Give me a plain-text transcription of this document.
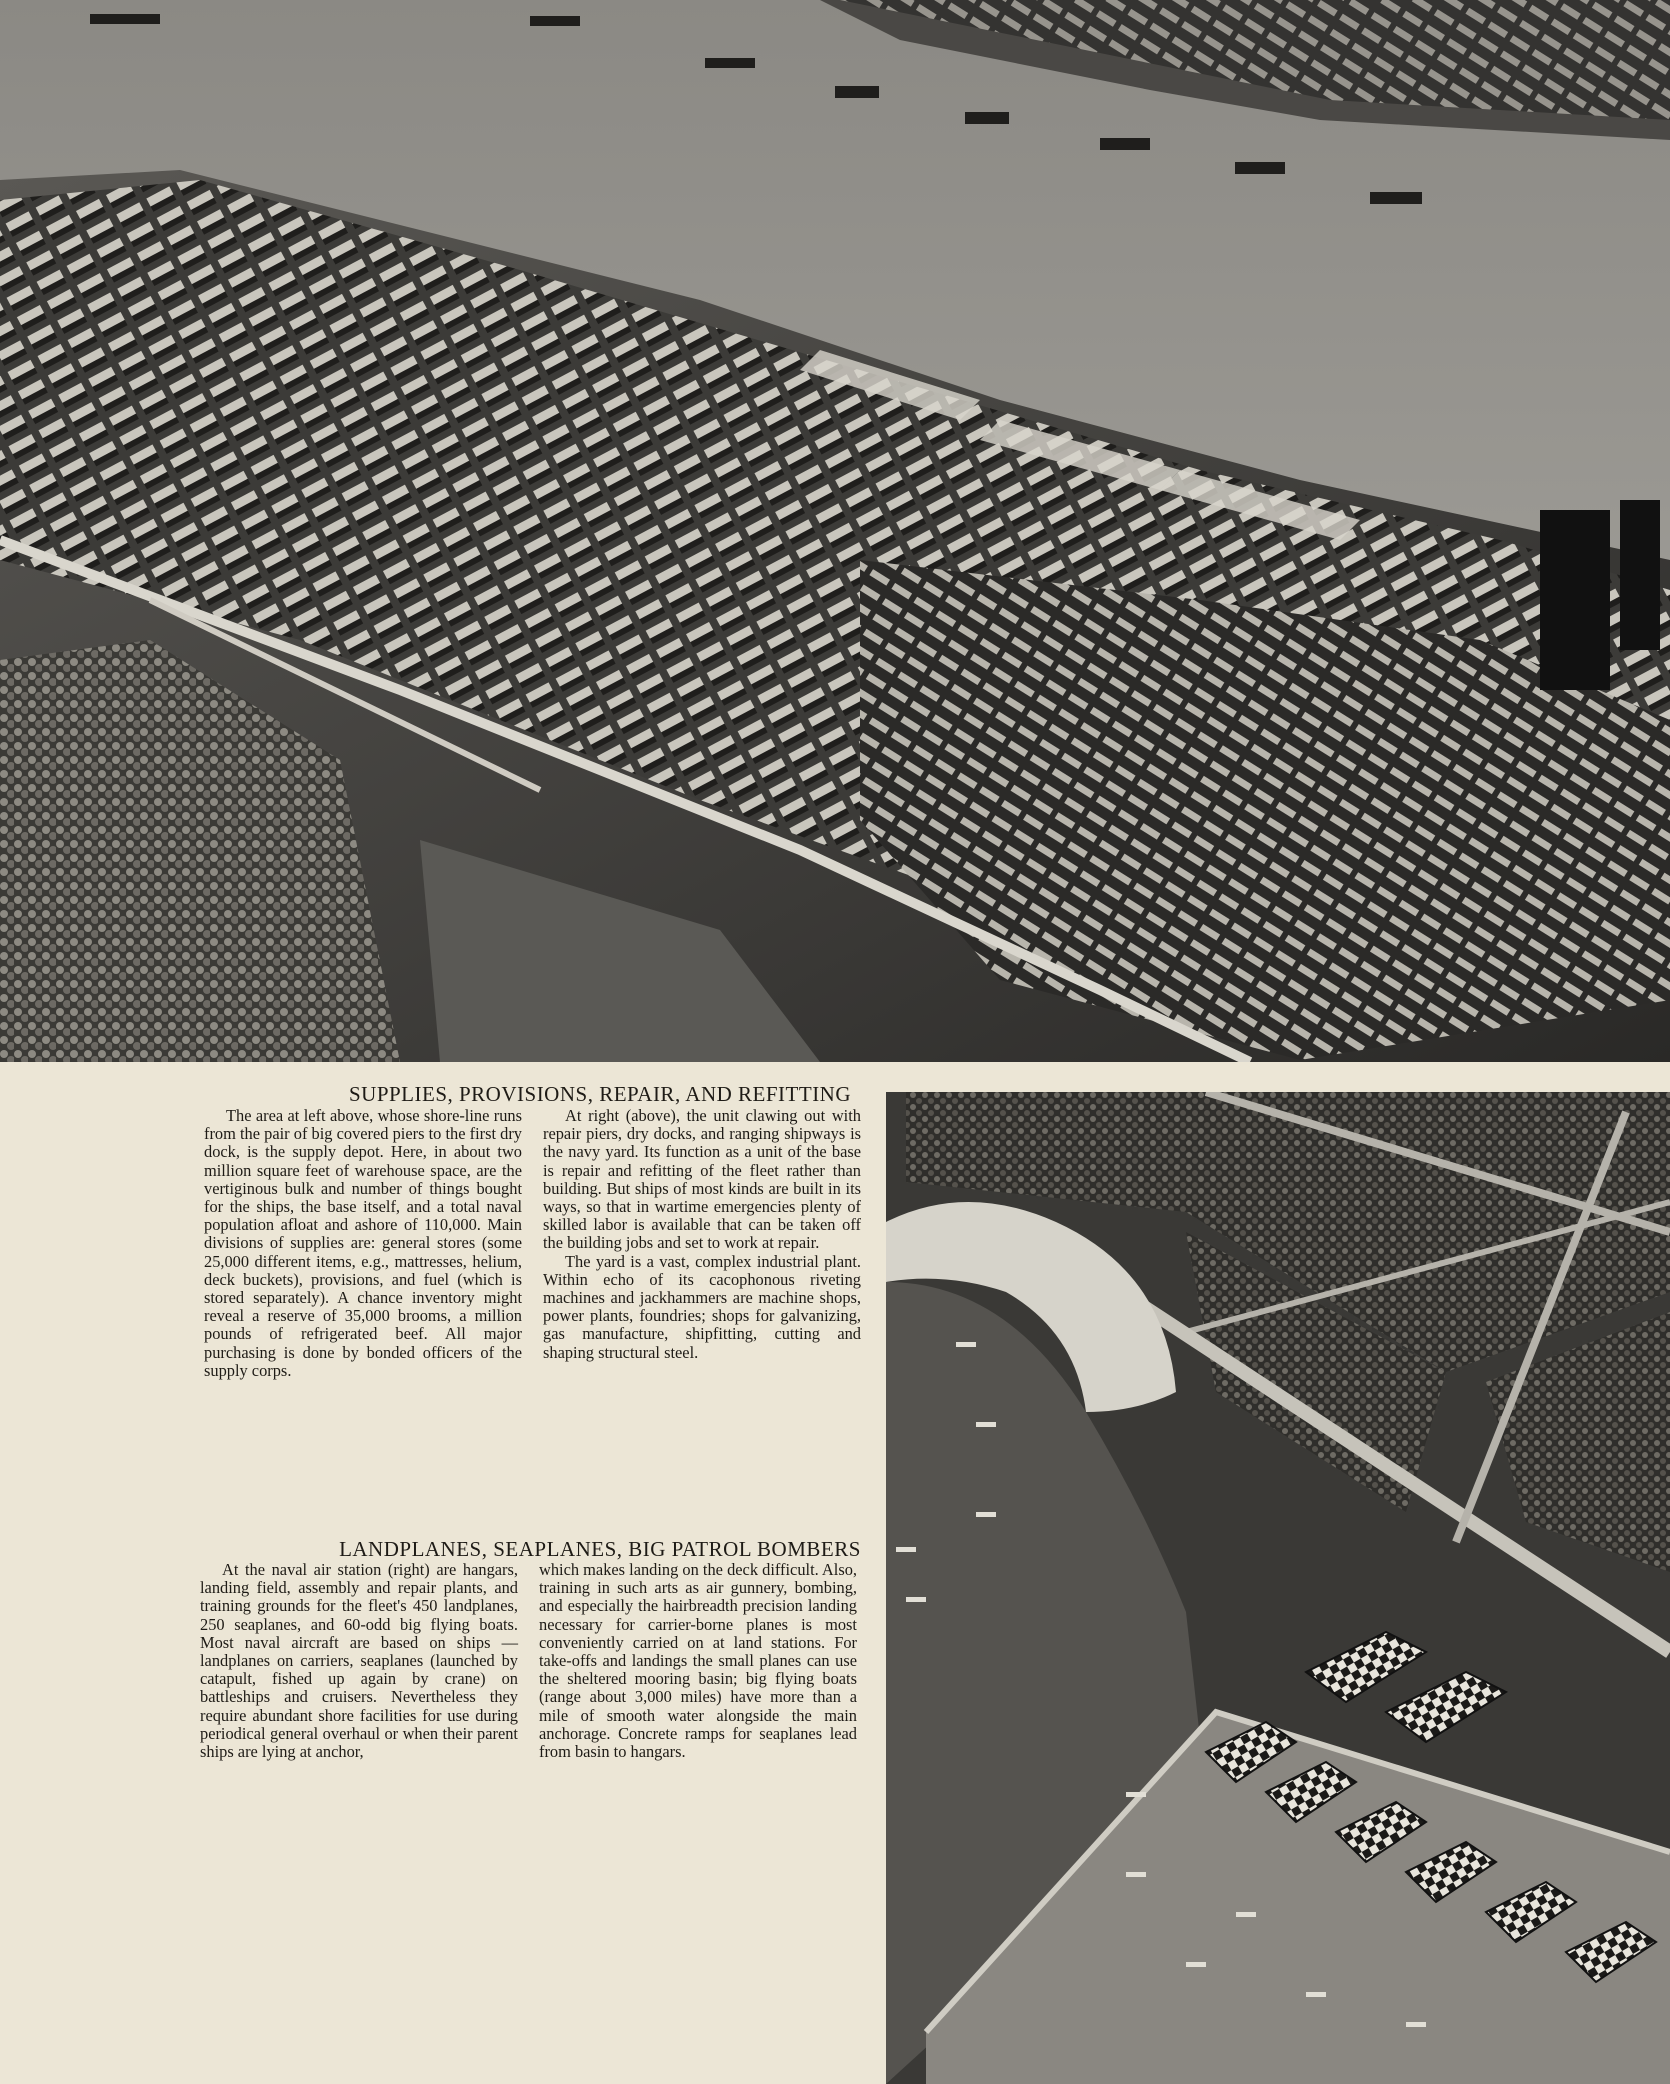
SUPPLIES, PROVISIONS, REPAIR, AND REFITTING

The area at left above, whose shore-line runs from the pair of big covered piers to the first dry dock, is the supply depot. Here, in about two million square feet of warehouse space, are the vertiginous bulk and number of things bought for the ships, the base itself, and a total naval population afloat and ashore of 110,000. Main divisions of supplies are: general stores (some 25,000 different items, e.g., mattresses, helium, deck buckets), provisions, and fuel (which is stored separately). A chance inventory might reveal a reserve of 35,000 brooms, a million pounds of refrigerated beef. All major purchasing is done by bonded officers of the supply corps.

At right (above), the unit clawing out with repair piers, dry docks, and ranging shipways is the navy yard. Its function as a unit of the base is repair and refitting of the fleet rather than building. But ships of most kinds are built in its ways, so that in wartime emergencies plenty of skilled labor is available that can be taken off the building jobs and set to work at repair.

The yard is a vast, complex industrial plant. Within echo of its cacophonous riveting machines and jackhammers are machine shops, power plants, foundries; shops for galvanizing, gas manufacture, shipfitting, cutting and shaping structural steel.

LANDPLANES, SEAPLANES, BIG PATROL BOMBERS

At the naval air station (right) are hangars, landing field, assembly and repair plants, and training grounds for the fleet's 450 landplanes, 250 seaplanes, and 60-odd big flying boats. Most naval aircraft are based on ships —landplanes on carriers, seaplanes (launched by catapult, fished up again by crane) on battleships and cruisers. Nevertheless they require abundant shore facilities for use during periodical general overhaul or when their parent ships are lying at anchor,

which makes landing on the deck difficult. Also, training in such arts as air gunnery, bombing, and especially the hairbreadth precision landing necessary for carrier-borne planes is most conveniently carried on at land stations. For take-offs and landings the small planes can use the sheltered mooring basin; big flying boats (range about 3,000 miles) have more than a mile of smooth water alongside the main anchorage. Concrete ramps for seaplanes lead from basin to hangars.
